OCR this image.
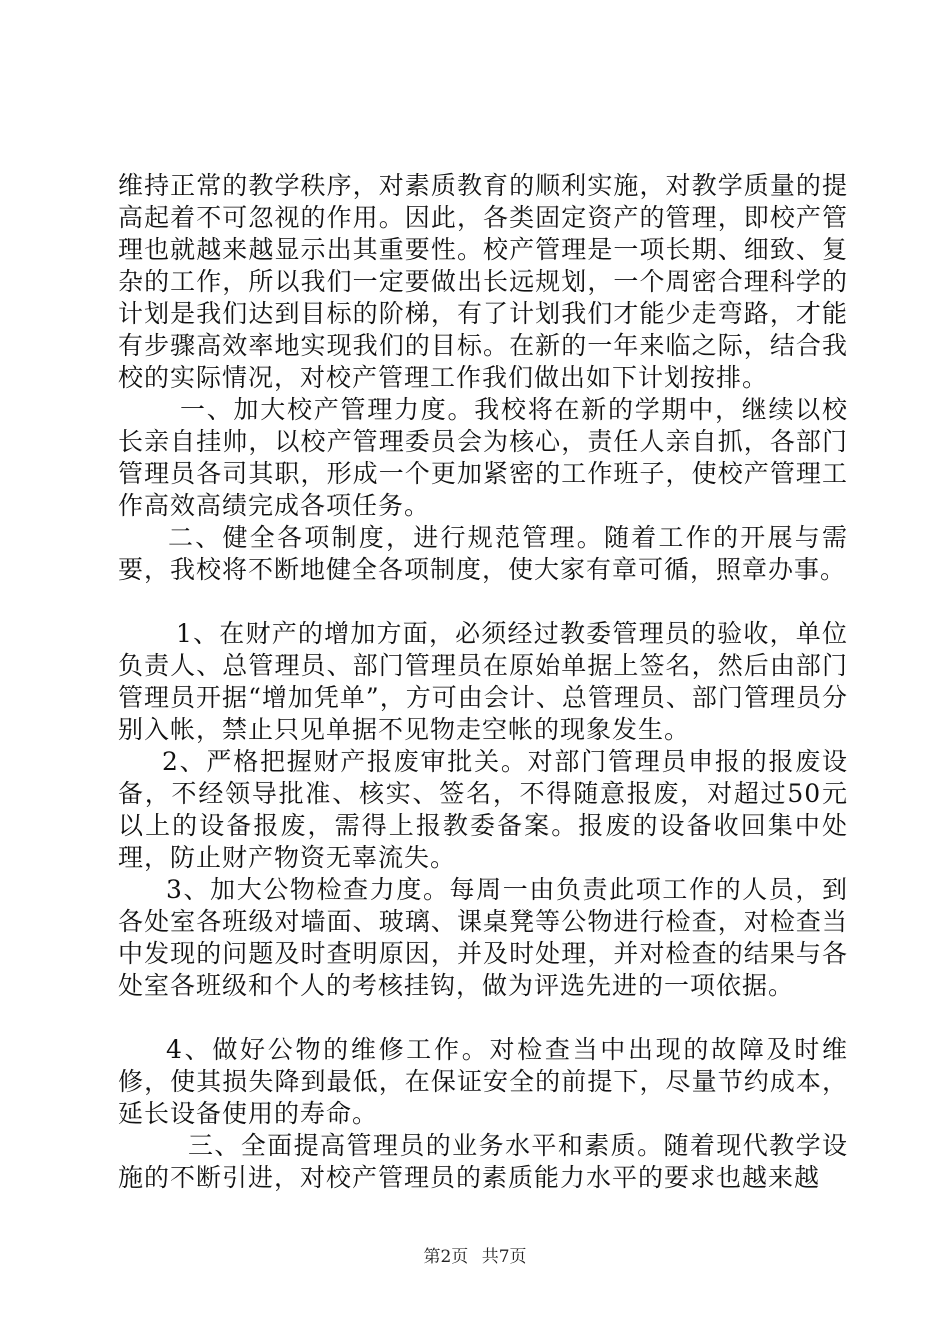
维持正常的教学秩序，对素质教育的顺利实施，对教学质量的提高起着不可忽视的作用。因此，各类固定资产的管理，即校产管理也就越来越显示出其重要性。校产管理是一项长期、细致、复杂的工作，所以我们一定要做出长远规划，一个周密合理科学的计划是我们达到目标的阶梯，有了计划我们才能少走弯路，才能有步骤高效率地实现我们的目标。在新的一年来临之际，结合我校的实际情况，对校产管理工作我们做出如下计划按排。

一、加大校产管理力度。我校将在新的学期中，继续以校长亲自挂帅，以校产管理委员会为核心，责任人亲自抓，各部门管理员各司其职，形成一个更加紧密的工作班子，使校产管理工作高效高绩完成各项任务。

二、健全各项制度，进行规范管理。随着工作的开展与需要，我校将不断地健全各项制度，使大家有章可循，照章办事。

1、在财产的增加方面，必须经过教委管理员的验收，单位负责人、总管理员、部门管理员在原始单据上签名，然后由部门管理员开据“增加凭单”，方可由会计、总管理员、部门管理员分别入帐，禁止只见单据不见物走空帐的现象发生。

2、严格把握财产报废审批关。对部门管理员申报的报废设备，不经领导批准、核实、签名，不得随意报废，对超过50元以上的设备报废，需得上报教委备案。报废的设备收回集中处理，防止财产物资无辜流失。

3、加大公物检查力度。每周一由负责此项工作的人员，到各处室各班级对墙面、玻璃、课桌凳等公物进行检查，对检查当中发现的问题及时查明原因，并及时处理，并对检查的结果与各处室各班级和个人的考核挂钩，做为评选先进的一项依据。

4、做好公物的维修工作。对检查当中出现的故障及时维修，使其损失降到最低，在保证安全的前提下，尽量节约成本，延长设备使用的寿命。

三、全面提高管理员的业务水平和素质。随着现代教学设施的不断引进，对校产管理员的素质能力水平的要求也越来越

第2页 共7页
